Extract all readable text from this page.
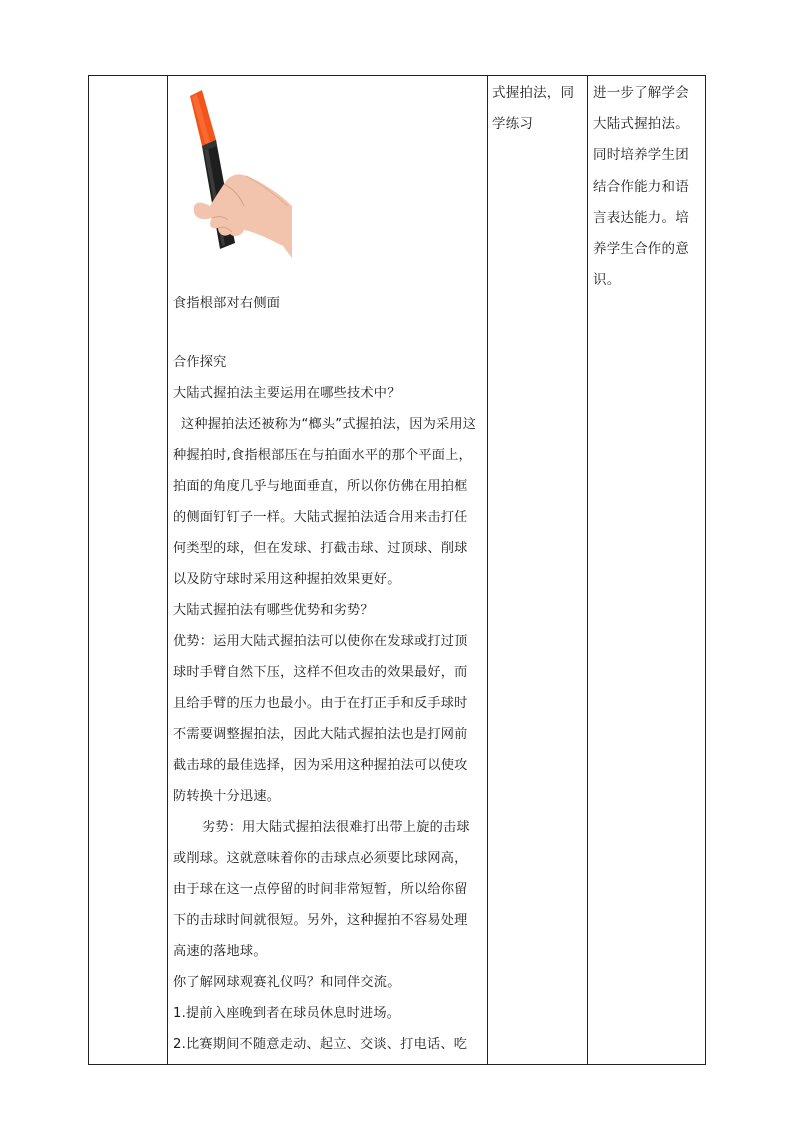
食指根部对右侧面

合作探究

大陆式握拍法主要运用在哪些技术中？

这种握拍法还被称为“榔头”式握拍法，因为采用这

种握拍时,食指根部压在与拍面水平的那个平面上，

拍面的角度几乎与地面垂直，所以你仿佛在用拍框

的侧面钉钉子一样。大陆式握拍法适合用来击打任

何类型的球，但在发球、打截击球、过顶球、削球

以及防守球时采用这种握拍效果更好。

大陆式握拍法有哪些优势和劣势？

优势：运用大陆式握拍法可以使你在发球或打过顶

球时手臂自然下压，这样不但攻击的效果最好，而

且给手臂的压力也最小。由于在打正手和反手球时

不需要调整握拍法，因此大陆式握拍法也是打网前

截击球的最佳选择，因为采用这种握拍法可以使攻

防转换十分迅速。

劣势：用大陆式握拍法很难打出带上旋的击球

或削球。这就意味着你的击球点必须要比球网高，

由于球在这一点停留的时间非常短暂，所以给你留

下的击球时间就很短。另外，这种握拍不容易处理

高速的落地球。

你了解网球观赛礼仪吗？和同伴交流。

1.提前入座晚到者在球员休息时进场。

2.比赛期间不随意走动、起立、交谈、打电话、吃

式握拍法，同

学练习

进一步了解学会

大陆式握拍法。

同时培养学生团

结合作能力和语

言表达能力。培

养学生合作的意

识。
